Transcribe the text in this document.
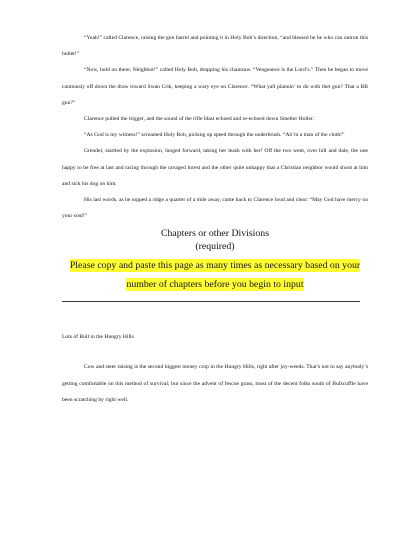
“Yeah!” called Clarence, raising the gun barrel and pointing it in Holy Bob’s direction, “and blessed be he who can outrun this bullet!”

“Now, hold on there, Neighbor!” called Holy Bob, dropping his chainsaw. “Vengeance is the Lord’s.” Then he began to move cautiously off down the draw toward Swan Crik, keeping a wary eye on Clarence. “What yall plannin’ to do with thet gun? That a BB gun?”

Clarence pulled the trigger, and the sound of the rifle blast echoed and re-echoed down Smelter Holler.

“As God is my witness!” screamed Holy Bob, picking up speed through the underbrush. “Ah’m a man of the cloth!”

Grendel, startled by the explosion, lunged forward, taking her leash with her! Off the two went, over hill and dale, the one happy to be free at last and racing through the ravaged forest and the other quite unhappy that a Christian neighbor would shoot at him and sick his dog on him.

His last words, as he topped a ridge a quarter of a mile away, came back to Clarence loud and clear: “May God have mercy on your soul!”

Chapters or other Divisions

(required)

Please copy and paste this page as many times as necessary based on your
number of chapters before you begin to input

Lots of Bull in the Hungry Hills

Cow and steer raising is the second biggest money crop in the Hungry Hills, right after joy-weeds. That’s not to say anybody’s getting comfortable on this method of survival; but since the advent of fescue grass, most of the decent folks south of Bufscuffle have been scratching by right well.
